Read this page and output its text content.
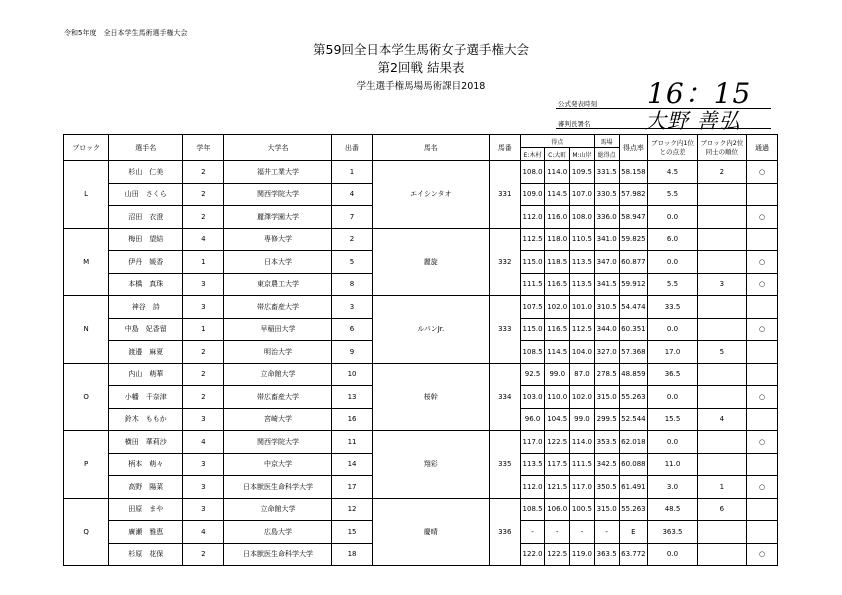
令和5年度　全日本学生馬術選手権大会
第59回全日本学生馬術女子選手権大会
第2回戦 結果表
学生選手権馬場馬術課目2018
公式発表時刻 16：15
審判長署名	大野 善弘
ブロック	選手名	学年	大学名	出番	馬名	馬番	得点			馬場	得点率	ブロック内1位との点差	ブロック内2位同士の順位	通過
							E:木村	C:大町	M:山岸	総得点				
L	杉山　仁美	2	福井工業大学	1	エイシンタオ	331	108.0	114.0	109.5	331.5	58.158	4.5	2	○
	山田　さくら	2	関西学院大学	4			109.0	114.5	107.0	330.5	57.982	5.5		
	沼田　衣澄	2	麗澤学園大学	7			112.0	116.0	108.0	336.0	58.947	0.0		○
M	梅田　望結	4	専修大学	2	麗旋	332	112.5	118.0	110.5	341.0	59.825	6.0		
	伊丹　媛香	1	日本大学	5			115.0	118.5	113.5	347.0	60.877	0.0		○
	本橋　真珠	3	東京農工大学	8			111.5	116.5	113.5	341.5	59.912	5.5	3	○
N	神谷　詩	3	帯広畜産大学	3	ルパンJr.	333	107.5	102.0	101.0	310.5	54.474	33.5		
	中島　妃香留	1	早稲田大学	6			115.0	116.5	112.5	344.0	60.351	0.0		○
	渡邉　麻夏	2	明治大学	9			108.5	114.5	104.0	327.0	57.368	17.0	5	
O	内山　萌華	2	立命館大学	10	桜幹	334	92.5	99.0	87.0	278.5	48.859	36.5		
	小幡　千奈津	2	帯広畜産大学	13			103.0	110.0	102.0	315.0	55.263	0.0		○
	鈴木　ももか	3	宮崎大学	16			96.0	104.5	99.0	299.5	52.544	15.5	4	
P	横田　華莉沙	4	関西学院大学	11	翔彩	335	117.0	122.5	114.0	353.5	62.018	0.0		○
	柄本　萌々	3	中京大学	14			113.5	117.5	111.5	342.5	60.088	11.0		
	高野　陽菜	3	日本獣医生命科学大学	17			112.0	121.5	117.0	350.5	61.491	3.0	1	○
Q	田原　まや	3	立命館大学	12	慶晴	336	108.5	106.0	100.5	315.0	55.263	48.5	6	
	廣瀬　雅恵	4	広島大学	15			-	-	-	-	E	363.5		
	杉原　花保	2	日本獣医生命科学大学	18			122.0	122.5	119.0	363.5	63.772	0.0		○
